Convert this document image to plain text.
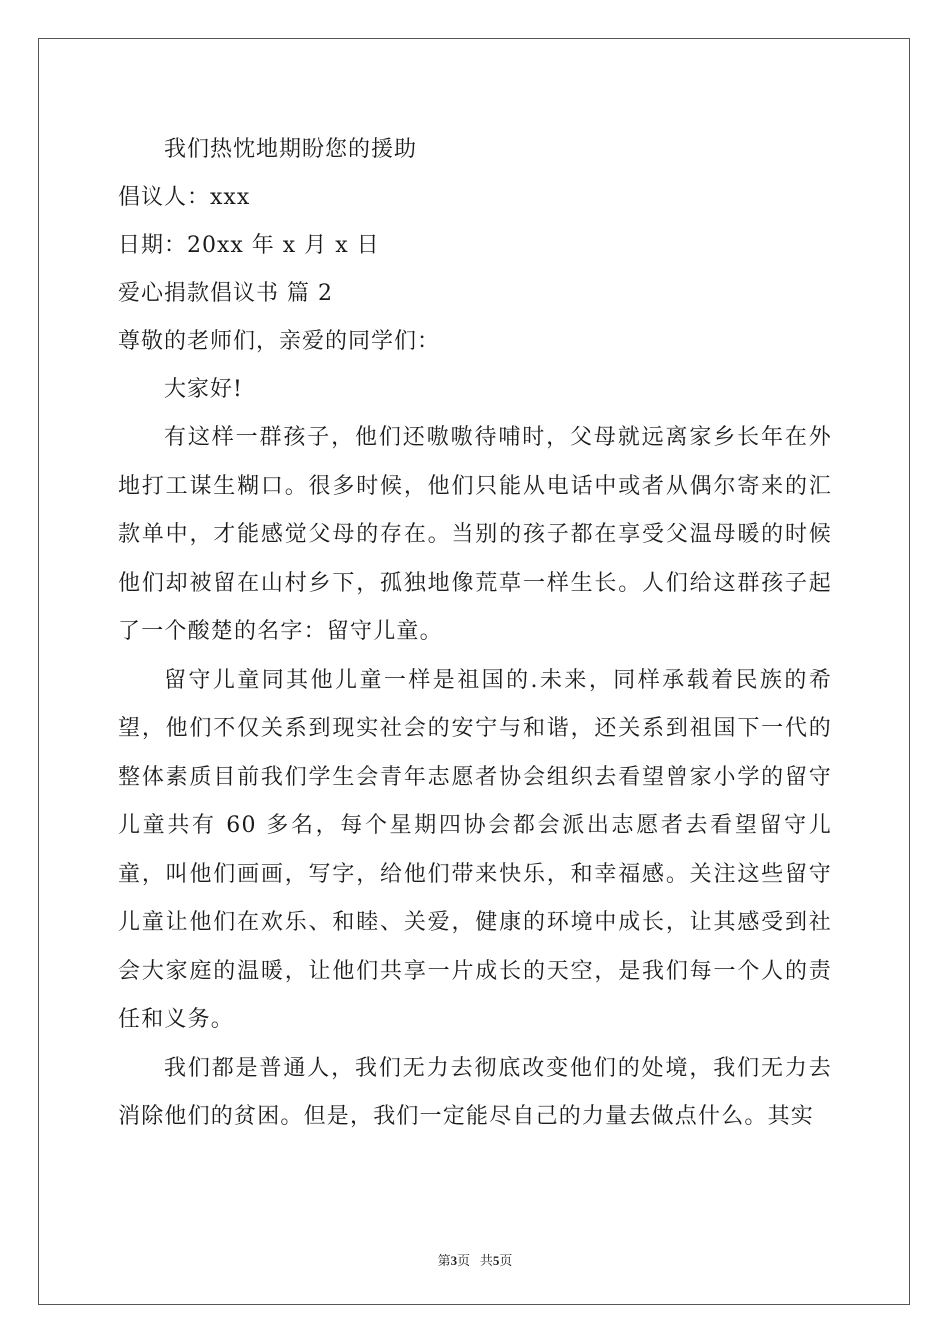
我们热忱地期盼您的援助
倡议人：xxx
日期：20xx 年 x 月 x 日
爱心捐款倡议书 篇 2
尊敬的老师们，亲爱的同学们：
大家好!

有这样一群孩子，他们还嗷嗷待哺时，父母就远离家乡长年在外地打工谋生糊口。很多时候，他们只能从电话中或者从偶尔寄来的汇款单中，才能感觉父母的存在。当别的孩子都在享受父温母暖的时候他们却被留在山村乡下，孤独地像荒草一样生长。人们给这群孩子起了一个酸楚的名字：留守儿童。

留守儿童同其他儿童一样是祖国的.未来，同样承载着民族的希望，他们不仅关系到现实社会的安宁与和谐，还关系到祖国下一代的整体素质目前我们学生会青年志愿者协会组织去看望曾家小学的留守儿童共有 60 多名，每个星期四协会都会派出志愿者去看望留守儿童，叫他们画画，写字，给他们带来快乐，和幸福感。关注这些留守儿童让他们在欢乐、和睦、关爱，健康的环境中成长，让其感受到社会大家庭的温暖，让他们共享一片成长的天空，是我们每一个人的责任和义务。

我们都是普通人，我们无力去彻底改变他们的处境，我们无力去消除他们的贫困。但是，我们一定能尽自己的力量去做点什么。其实

第3页 共5页
